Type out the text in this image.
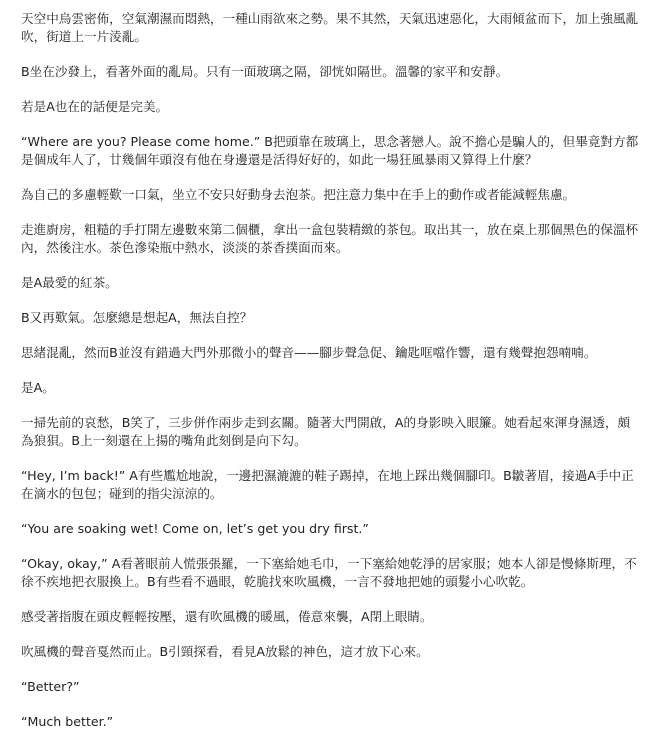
天空中烏雲密佈，空氣潮濕而悶熱，一種山雨欲來之勢。果不其然，天氣迅速惡化，大雨傾盆而下，加上強風亂吹，街道上一片淩亂。

B坐在沙發上，看著外面的亂局。只有一面玻璃之隔，卻恍如隔世。溫馨的家平和安靜。

若是A也在的話便是完美。

“Where are you? Please come home.” B把頭靠在玻璃上，思念著戀人。說不擔心是騙人的，但畢竟對方都是個成年人了，廿幾個年頭沒有他在身邊還是活得好好的，如此一場狂風暴雨又算得上什麼？

為自己的多慮輕歎一口氣，坐立不安只好動身去泡茶。把注意力集中在手上的動作或者能減輕焦慮。

走進廚房，粗糙的手打開左邊數來第二個櫃，拿出一盒包裝精緻的茶包。取出其一，放在桌上那個黑色的保溫杯內，然後注水。茶色滲染瓶中熱水，淡淡的茶香撲面而來。

是A最愛的紅茶。

B又再歎氣。怎麼總是想起A，無法自控？

思緒混亂，然而B並沒有錯過大門外那微小的聲音——腳步聲急促、鑰匙哐噹作響，還有幾聲抱怨喃喃。

是A。

一掃先前的哀愁，B笑了，三步併作兩步走到玄關。隨著大門開啟，A的身影映入眼簾。她看起來渾身濕透，頗為狼狽。B上一刻還在上揚的嘴角此刻倒是向下勾。

“Hey, I’m back!” A有些尷尬地說，一邊把濕漉漉的鞋子踢掉，在地上踩出幾個腳印。B皺著眉，接過A手中正在滴水的包包；碰到的指尖涼涼的。

“You are soaking wet! Come on, let’s get you dry first.”

“Okay, okay,” A看著眼前人慌張張羅，一下塞給她毛巾，一下塞給她乾淨的居家服；她本人卻是慢條斯理，不徐不疾地把衣服換上。B有些看不過眼，乾脆找來吹風機，一言不發地把她的頭髮小心吹乾。

感受著指腹在頭皮輕輕按壓，還有吹風機的暖風，倦意來襲，A閉上眼睛。

吹風機的聲音戛然而止。B引頸探看，看見A放鬆的神色，這才放下心來。

“Better?”

“Much better.”
